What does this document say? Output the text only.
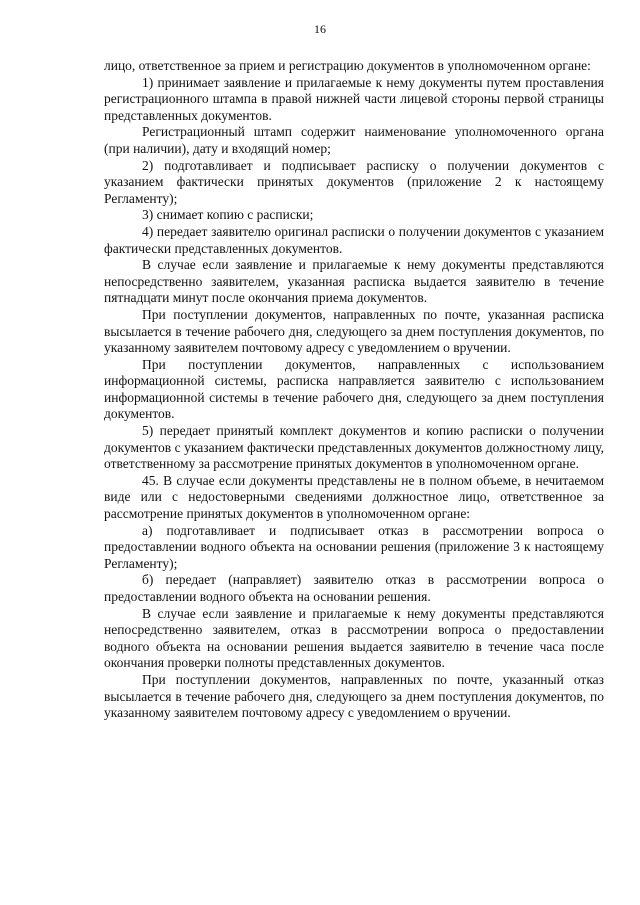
16

лицо, ответственное за прием и регистрацию документов в уполномоченном органе:

1) принимает заявление и прилагаемые к нему документы путем проставления регистрационного штампа в правой нижней части лицевой стороны первой страницы представленных документов.

Регистрационный штамп содержит наименование уполномоченного органа (при наличии), дату и входящий номер;

2) подготавливает и подписывает расписку о получении документов с указанием фактически принятых документов (приложение 2 к настоящему Регламенту);

3) снимает копию с расписки;

4) передает заявителю оригинал расписки о получении документов с указанием фактически представленных документов.

В случае если заявление и прилагаемые к нему документы представляются непосредственно заявителем, указанная расписка выдается заявителю в течение пятнадцати минут после окончания приема документов.

При поступлении документов, направленных по почте, указанная расписка высылается в течение рабочего дня, следующего за днем поступления документов, по указанному заявителем почтовому адресу с уведомлением о вручении.

При поступлении документов, направленных с использованием информационной системы, расписка направляется заявителю с использованием информационной системы в течение рабочего дня, следующего за днем поступления документов.

5) передает принятый комплект документов и копию расписки о получении документов с указанием фактически представленных документов должностному лицу, ответственному за рассмотрение принятых документов в уполномоченном органе.

45. В случае если документы представлены не в полном объеме, в нечитаемом виде или с недостоверными сведениями должностное лицо, ответственное за рассмотрение принятых документов в уполномоченном органе:

а) подготавливает и подписывает отказ в рассмотрении вопроса о предоставлении водного объекта на основании решения (приложение 3 к настоящему Регламенту);

б) передает (направляет) заявителю отказ в рассмотрении вопроса о предоставлении водного объекта на основании решения.

В случае если заявление и прилагаемые к нему документы представляются непосредственно заявителем, отказ в рассмотрении вопроса о предоставлении водного объекта на основании решения выдается заявителю в течение часа после окончания проверки полноты представленных документов.

При поступлении документов, направленных по почте, указанный отказ высылается в течение рабочего дня, следующего за днем поступления документов, по указанному заявителем почтовому адресу с уведомлением о вручении.
